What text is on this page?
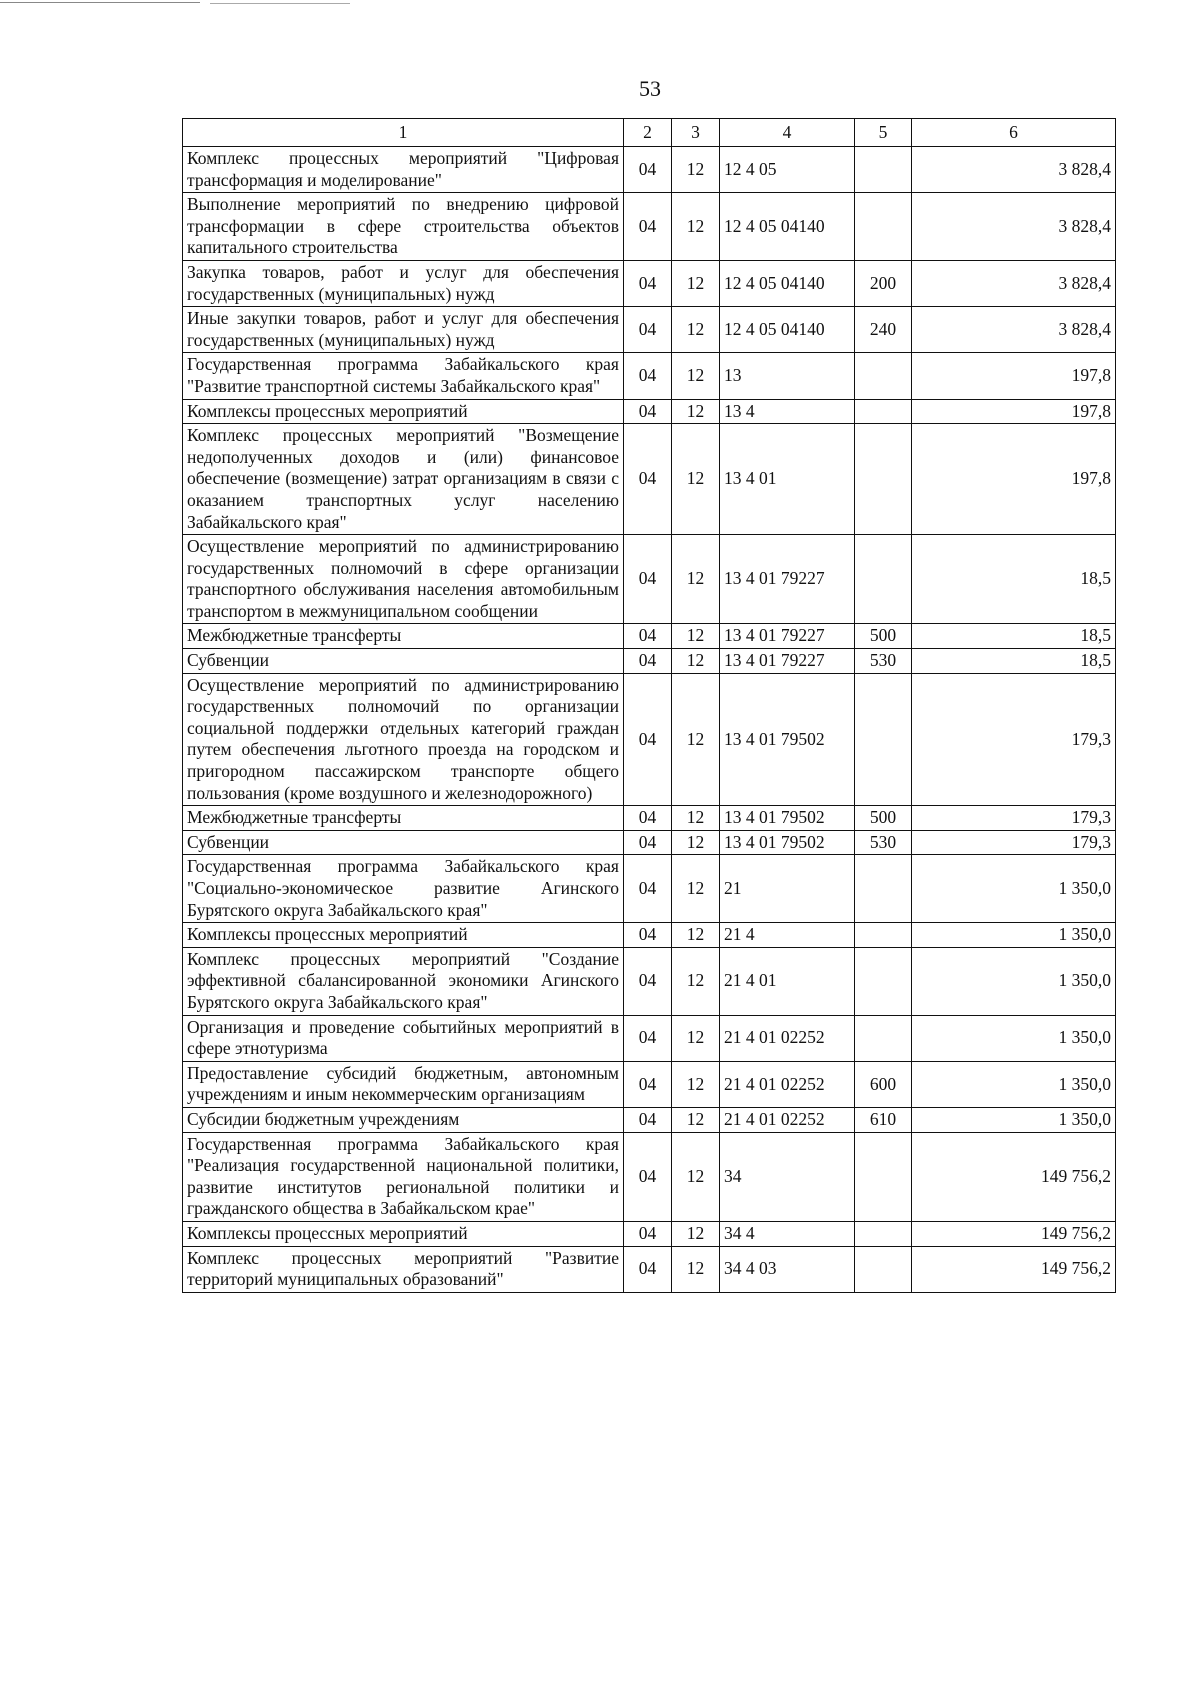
53
1	2	3	4	5	6
Комплекс процессных мероприятий "Цифровая трансформация и моделирование"	04	12	12 4 05		3 828,4
Выполнение мероприятий по внедрению цифровой трансформации в сфере строительства объектов капитального строительства	04	12	12 4 05 04140		3 828,4
Закупка товаров, работ и услуг для обеспечения государственных (муниципальных) нужд	04	12	12 4 05 04140	200	3 828,4
Иные закупки товаров, работ и услуг для обеспечения государственных (муниципальных) нужд	04	12	12 4 05 04140	240	3 828,4
Государственная программа Забайкальского края "Развитие транспортной системы Забайкальского края"	04	12	13		197,8
Комплексы процессных мероприятий	04	12	13 4		197,8
Комплекс процессных мероприятий "Возмещение недополученных доходов и (или) финансовое обеспечение (возмещение) затрат организациям в связи с оказанием транспортных услуг населению Забайкальского края"	04	12	13 4 01		197,8
Осуществление мероприятий по администрированию государственных полномочий в сфере организации транспортного обслуживания населения автомобильным транспортом в межмуниципальном сообщении	04	12	13 4 01 79227		18,5
Межбюджетные трансферты	04	12	13 4 01 79227	500	18,5
Субвенции	04	12	13 4 01 79227	530	18,5
Осуществление мероприятий по администрированию государственных полномочий по организации социальной поддержки отдельных категорий граждан путем обеспечения льготного проезда на городском и пригородном пассажирском транспорте общего пользования (кроме воздушного и железнодорожного)	04	12	13 4 01 79502		179,3
Межбюджетные трансферты	04	12	13 4 01 79502	500	179,3
Субвенции	04	12	13 4 01 79502	530	179,3
Государственная программа Забайкальского края "Социально-экономическое развитие Агинского Бурятского округа Забайкальского края"	04	12	21		1 350,0
Комплексы процессных мероприятий	04	12	21 4		1 350,0
Комплекс процессных мероприятий "Создание эффективной сбалансированной экономики Агинского Бурятского округа Забайкальского края"	04	12	21 4 01		1 350,0
Организация и проведение событийных мероприятий в сфере этнотуризма	04	12	21 4 01 02252		1 350,0
Предоставление субсидий бюджетным, автономным учреждениям и иным некоммерческим организациям	04	12	21 4 01 02252	600	1 350,0
Субсидии бюджетным учреждениям	04	12	21 4 01 02252	610	1 350,0
Государственная программа Забайкальского края "Реализация государственной национальной политики, развитие институтов региональной политики и гражданского общества в Забайкальском крае"	04	12	34		149 756,2
Комплексы процессных мероприятий	04	12	34 4		149 756,2
Комплекс процессных мероприятий "Развитие территорий муниципальных образований"	04	12	34 4 03		149 756,2
